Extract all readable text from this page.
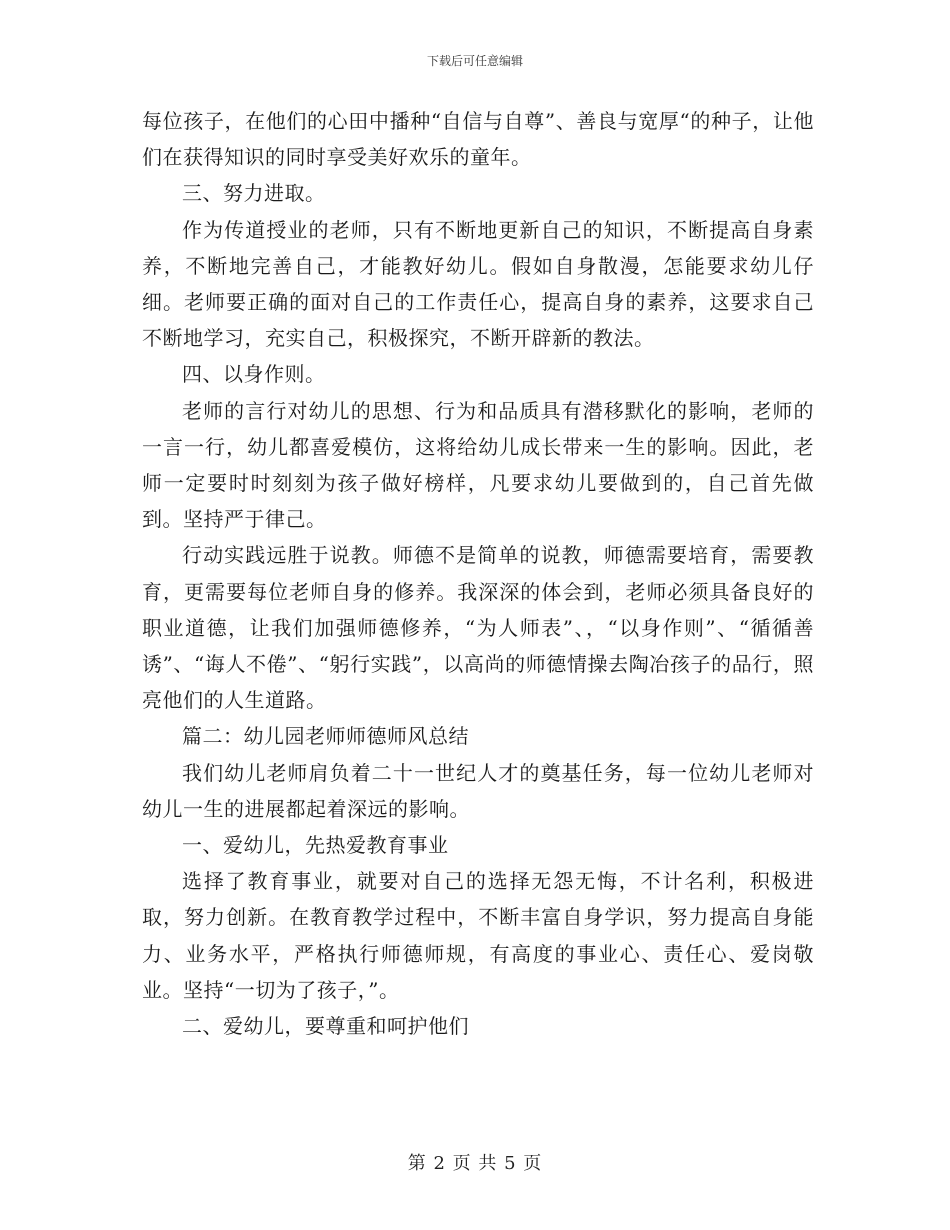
下载后可任意编辑

每位孩子，在他们的心田中播种“自信与自尊”、善良与宽厚“的种子，让他们在获得知识的同时享受美好欢乐的童年。

三、努力进取。

作为传道授业的老师，只有不断地更新自己的知识，不断提高自身素养，不断地完善自己，才能教好幼儿。假如自身散漫，怎能要求幼儿仔细。老师要正确的面对自己的工作责任心，提高自身的素养，这要求自己不断地学习，充实自己，积极探究，不断开辟新的教法。

四、以身作则。

老师的言行对幼儿的思想、行为和品质具有潜移默化的影响，老师的一言一行，幼儿都喜爱模仿，这将给幼儿成长带来一生的影响。因此，老师一定要时时刻刻为孩子做好榜样，凡要求幼儿要做到的，自己首先做到。坚持严于律己。

行动实践远胜于说教。师德不是简单的说教，师德需要培育，需要教育，更需要每位老师自身的修养。我深深的体会到，老师必须具备良好的职业道德，让我们加强师德修养，“为人师表”、，“以身作则”、“循循善诱”、“诲人不倦”、“躬行实践”，以高尚的师德情操去陶冶孩子的品行，照亮他们的人生道路。

篇二：幼儿园老师师德师风总结

我们幼儿老师肩负着二十一世纪人才的奠基任务，每一位幼儿老师对幼儿一生的进展都起着深远的影响。

一、爱幼儿，先热爱教育事业

选择了教育事业，就要对自己的选择无怨无悔，不计名利，积极进取，努力创新。在教育教学过程中，不断丰富自身学识，努力提高自身能力、业务水平，严格执行师德师规，有高度的事业心、责任心、爱岗敬业。坚持“一切为了孩子，”。

二、爱幼儿，要尊重和呵护他们

第 2 页 共 5 页
